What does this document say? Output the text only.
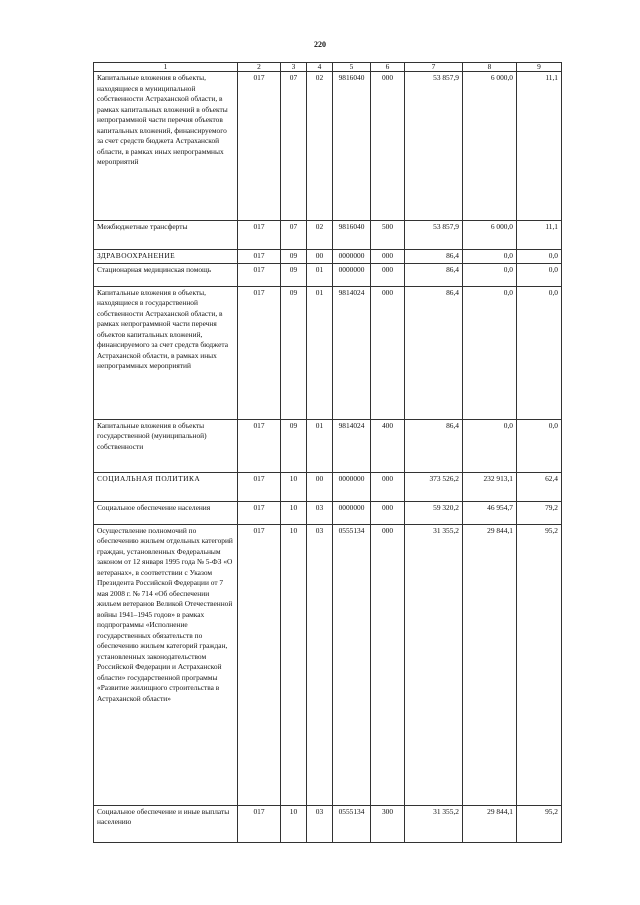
220
1	2	3	4	5	6	7	8	9
Капитальные вложения в объекты, находящиеся в муниципальной собственности Астраханской области, в рамках капитальных вложений в объекты непрограммной части перечня объектов капитальных вложений, финансируемого за счет средств бюджета Астраханской области, в рамках иных непрограммных мероприятий	017	07	02	9816040	000	53 857,9	6 000,0	11,1
Межбюджетные трансферты	017	07	02	9816040	500	53 857,9	6 000,0	11,1
ЗДРАВООХРАНЕНИЕ	017	09	00	0000000	000	86,4	0,0	0,0
Стационарная медицинская помощь	017	09	01	0000000	000	86,4	0,0	0,0
Капитальные вложения в объекты, находящиеся в государственной собственности Астраханской области, в рамках непрограммной части перечня объектов капитальных вложений, финансируемого за счет средств бюджета Астраханской области, в рамках иных непрограммных мероприятий	017	09	01	9814024	000	86,4	0,0	0,0
Капитальные вложения в объекты государственной (муниципальной) собственности	017	09	01	9814024	400	86,4	0,0	0,0
СОЦИАЛЬНАЯ ПОЛИТИКА	017	10	00	0000000	000	373 526,2	232 913,1	62,4
Социальное обеспечение населения	017	10	03	0000000	000	59 320,2	46 954,7	79,2
Осуществление полномочий по обеспечению жильем отдельных категорий граждан, установленных Федеральным законом от 12 января 1995 года № 5-ФЗ «О ветеранах», в соответствии с Указом Президента Российской Федерации от 7 мая 2008 г. № 714 «Об обеспечении жильем ветеранов Великой Отечественной войны 1941–1945 годов» в рамках подпрограммы «Исполнение государственных обязательств по обеспечению жильем категорий граждан, установленных законодательством Российской Федерации и Астраханской области» государственной программы «Развитие жилищного строительства в Астраханской области»	017	10	03	0555134	000	31 355,2	29 844,1	95,2
Социальное обеспечение и иные выплаты населению	017	10	03	0555134	300	31 355,2	29 844,1	95,2
